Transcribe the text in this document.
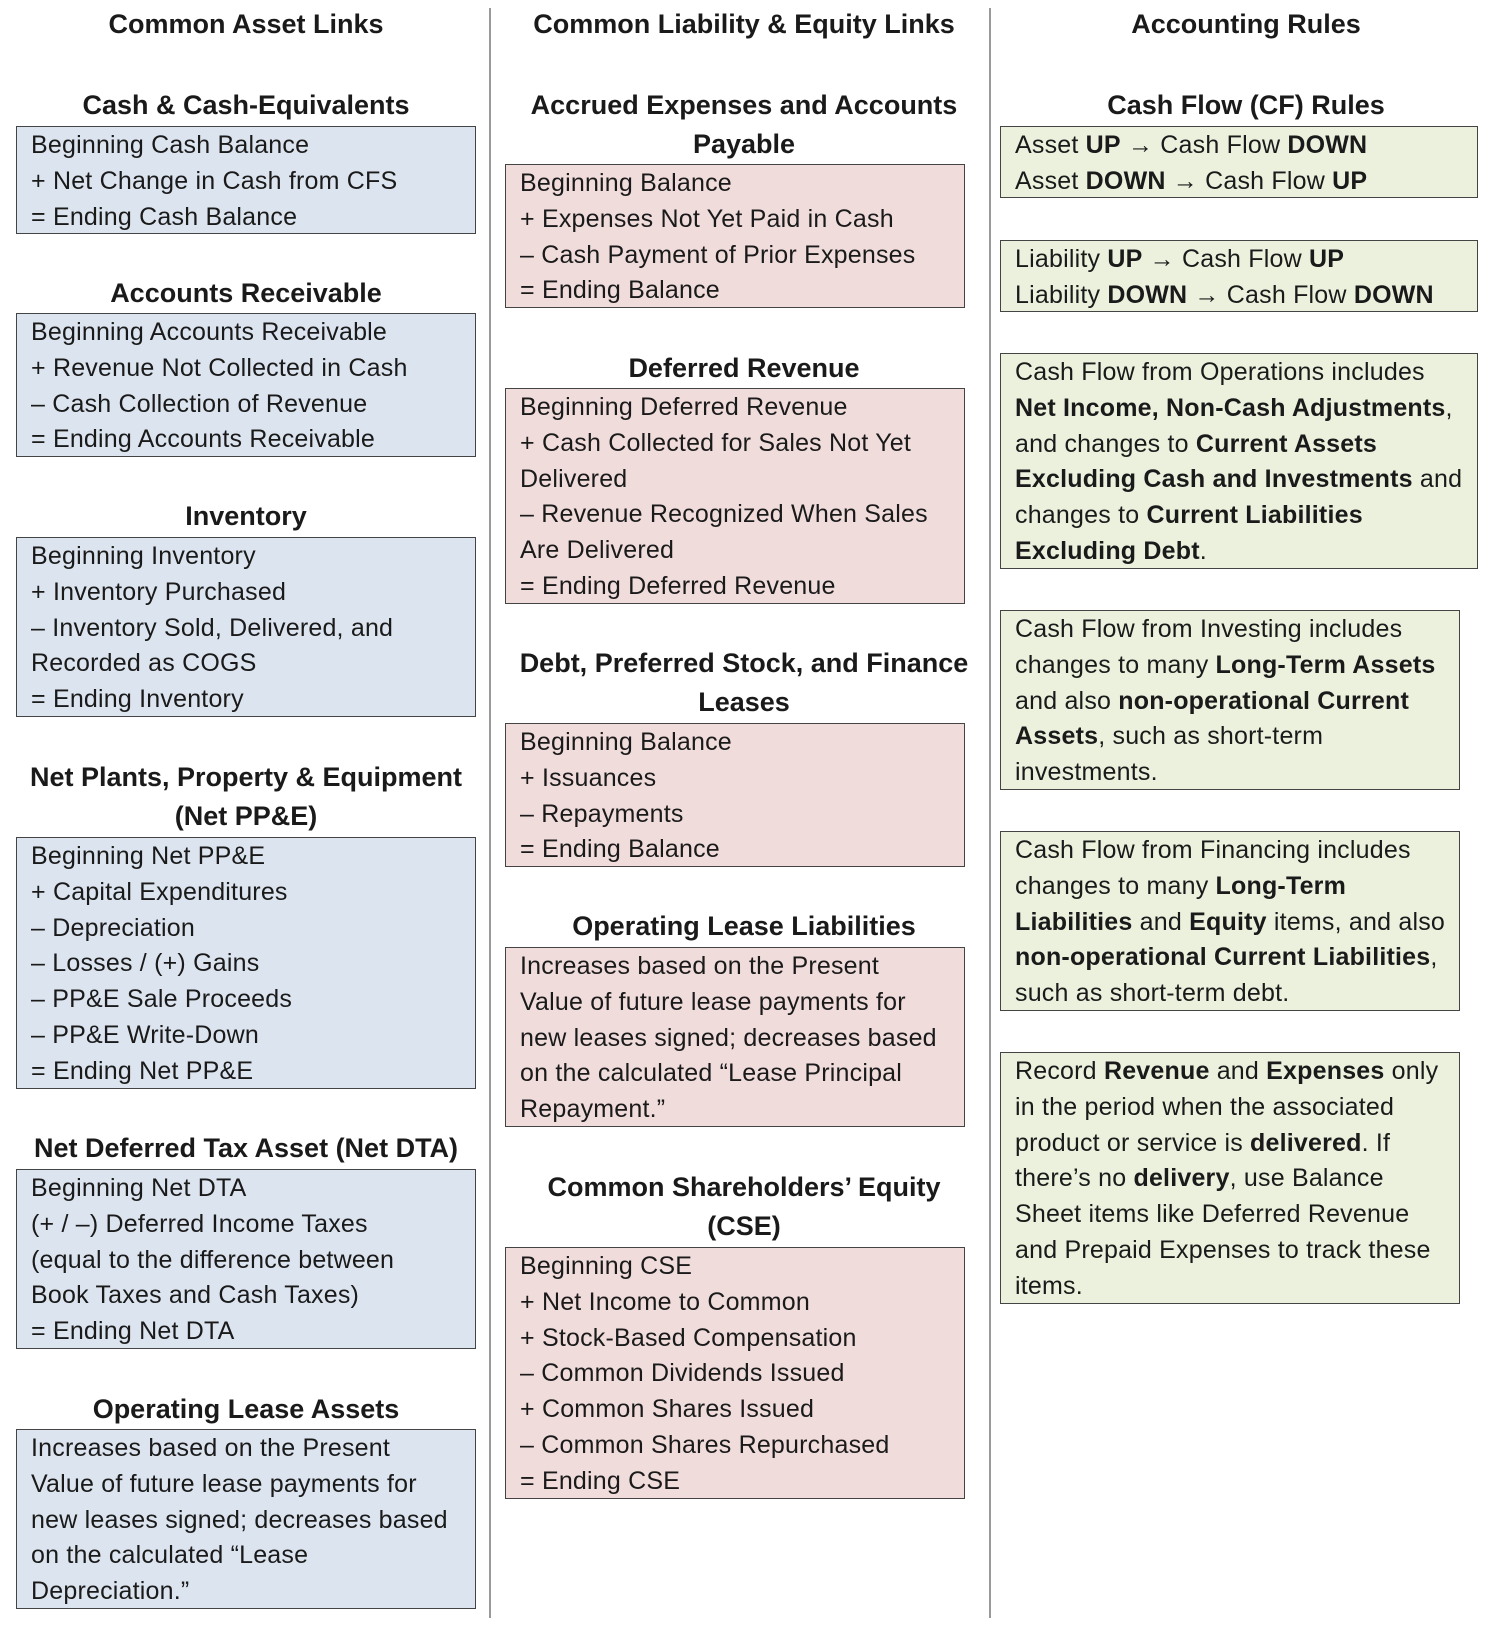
Common Asset Links
Cash & Cash-Equivalents
Beginning Cash Balance
+ Net Change in Cash from CFS
= Ending Cash Balance
Accounts Receivable
Beginning Accounts Receivable
+ Revenue Not Collected in Cash
– Cash Collection of Revenue
= Ending Accounts Receivable
Inventory
Beginning Inventory
+ Inventory Purchased
– Inventory Sold, Delivered, and
Recorded as COGS
= Ending Inventory
Net Plants, Property & Equipment
(Net PP&E)
Beginning Net PP&E
+ Capital Expenditures
– Depreciation
– Losses / (+) Gains
– PP&E Sale Proceeds
– PP&E Write-Down
= Ending Net PP&E
Net Deferred Tax Asset (Net DTA)
Beginning Net DTA
(+ / –) Deferred Income Taxes
(equal to the difference between
Book Taxes and Cash Taxes)
= Ending Net DTA
Operating Lease Assets
Increases based on the Present
Value of future lease payments for
new leases signed; decreases based
on the calculated “Lease
Depreciation.”
Common Liability & Equity Links
Accrued Expenses and Accounts
Payable
Beginning Balance
+ Expenses Not Yet Paid in Cash
– Cash Payment of Prior Expenses
= Ending Balance
Deferred Revenue
Beginning Deferred Revenue
+ Cash Collected for Sales Not Yet
Delivered
– Revenue Recognized When Sales
Are Delivered
= Ending Deferred Revenue
Debt, Preferred Stock, and Finance
Leases
Beginning Balance
+ Issuances
– Repayments
= Ending Balance
Operating Lease Liabilities
Increases based on the Present
Value of future lease payments for
new leases signed; decreases based
on the calculated “Lease Principal
Repayment.”
Common Shareholders’ Equity
(CSE)
Beginning CSE
+ Net Income to Common
+ Stock-Based Compensation
– Common Dividends Issued
+ Common Shares Issued
– Common Shares Repurchased
= Ending CSE
Accounting Rules
Cash Flow (CF) Rules
Asset UP → Cash Flow DOWN
Asset DOWN → Cash Flow UP
Liability UP → Cash Flow UP
Liability DOWN → Cash Flow DOWN
Cash Flow from Operations includes Net Income, Non-Cash Adjustments, and changes to Current Assets Excluding Cash and Investments and changes to Current Liabilities Excluding Debt.
Cash Flow from Investing includes changes to many Long-Term Assets and also non-operational Current Assets, such as short-term investments.
Cash Flow from Financing includes changes to many Long-Term Liabilities and Equity items, and also non-operational Current Liabilities, such as short-term debt.
Record Revenue and Expenses only in the period when the associated product or service is delivered. If there’s no delivery, use Balance Sheet items like Deferred Revenue and Prepaid Expenses to track these items.
